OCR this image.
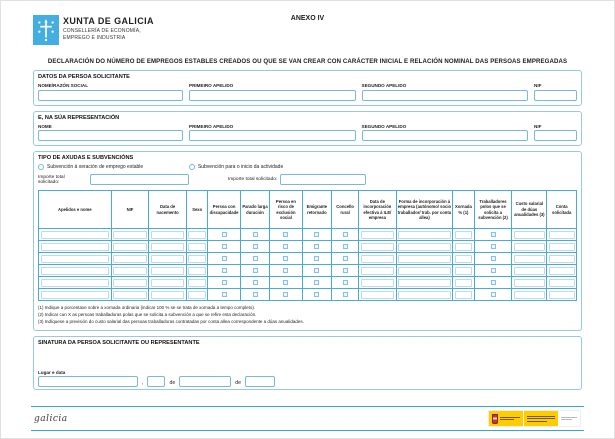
XUNTA DE GALICIA
CONSELLERÍA DE ECONOMÍA,
EMPREGO E INDUSTRIA
ANEXO IV
DECLARACIÓN DO NÚMERO DE EMPREGOS ESTABLES CREADOS OU QUE SE VAN CREAR CON CARÁCTER INICIAL E RELACIÓN NOMINAL DAS PERSOAS EMPREGADAS
DATOS DA PERSOA SOLICITANTE
NOME/RAZÓN SOCIAL	PRIMEIRO APELIDO	SEGUNDO APELIDO	NIF
E, NA SÚA REPRESENTACIÓN
NOME	PRIMEIRO APELIDO	SEGUNDO APELIDO	NIF
TIPO DE AXUDAS E SUBVENCIÓNS
Subvención á xeración de emprego estable
Importe total solicitado:
Subvención para o inicio da actividade
Importe total solicitado:
Apelidos e nome	NIF	Data de nacemento	Sexo	Persoa con discapacidade	Parado larga duración	Persoa en risco de exclusión social	Emigrante retornado	Concello rural	Data de incorporación efectiva á ILE/ empresa	Forma de incorporación á empresa (autónomo/ socio traballador/ trab. por conta allea)	Xornada % (1)	Traballadores polos que se solicita a subvención (2)	Custo salarial de dúas anualidades (3)	Conta solicitada

(1) Indique a porcentaxe sobre a xornada ordinaria (indicar 100 % se se trata de xornada a tempo completo).
(2) Indicar cun X as persoas traballadoras polas que se solicita a subvención a que se refire esta declaración.
(3) Indíquese a previsión do custo salarial das persoas traballadoras contratadas por conta allea correspondente a dúas anualidades.
SINATURA DA PERSOA SOLICITANTE OU REPRESENTANTE
Lugar e data
,	de	de
galicia
